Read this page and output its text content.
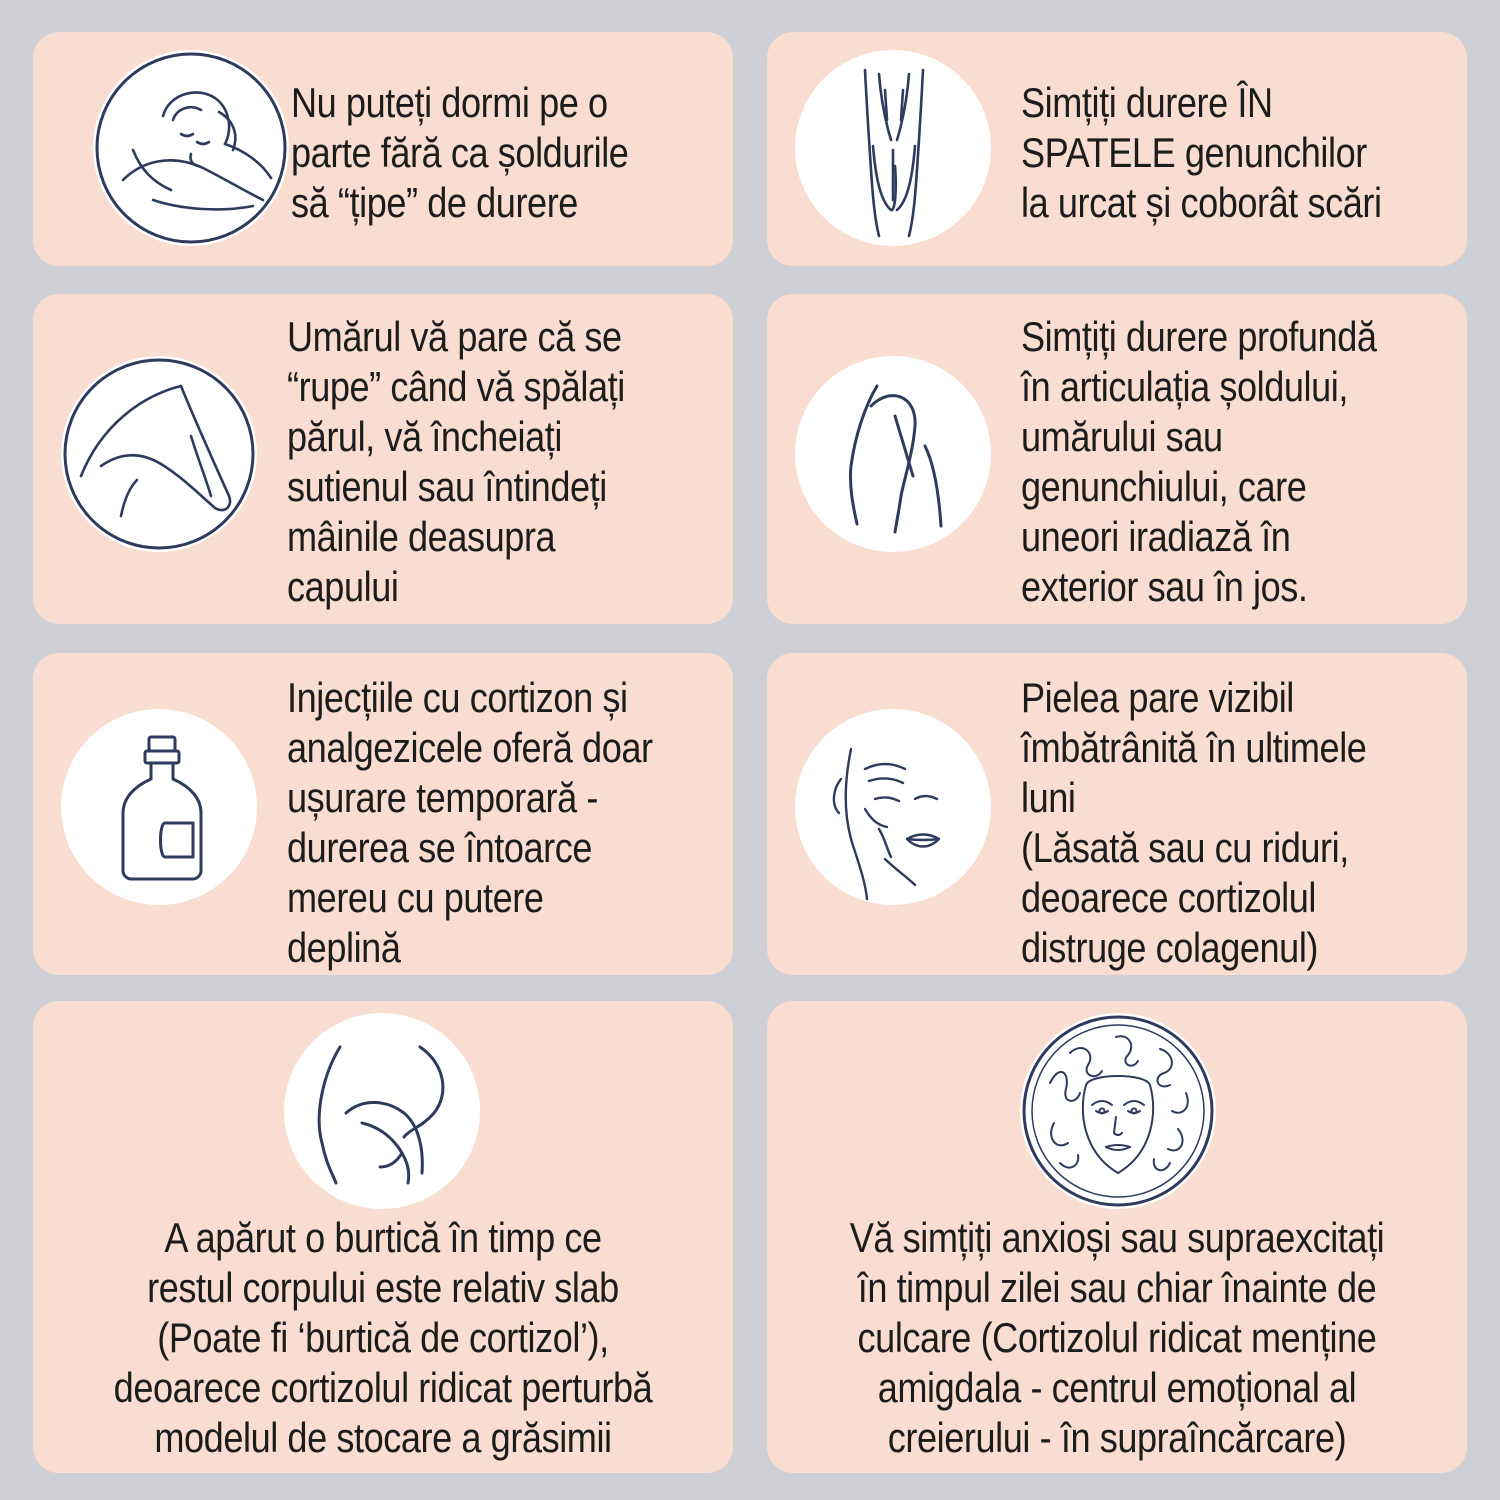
Nu puteți dormi pe o
parte fără ca șoldurile
să “țipe” de durere
Simțiți durere ÎN
SPATELE genunchilor
la urcat și coborât scări
Umărul vă pare că se
“rupe” când vă spălați
părul, vă încheiați
sutienul sau întindeți
mâinile deasupra
capului
Simțiți durere profundă
în articulația șoldului,
umărului sau
genunchiului, care
uneori iradiază în
exterior sau în jos.
Injecțiile cu cortizon și
analgezicele oferă doar
ușurare temporară -
durerea se întoarce
mereu cu putere
deplină
Pielea pare vizibil
îmbătrânită în ultimele
luni
(Lăsată sau cu riduri,
deoarece cortizolul
distruge colagenul)
A apărut o burtică în timp ce
restul corpului este relativ slab
(Poate fi ‘burtică de cortizol’),
deoarece cortizolul ridicat perturbă
modelul de stocare a grăsimii
Vă simțiți anxioși sau supraexcitați
în timpul zilei sau chiar înainte de
culcare (Cortizolul ridicat menține
amigdala - centrul emoțional al
creierului - în supraîncărcare)
